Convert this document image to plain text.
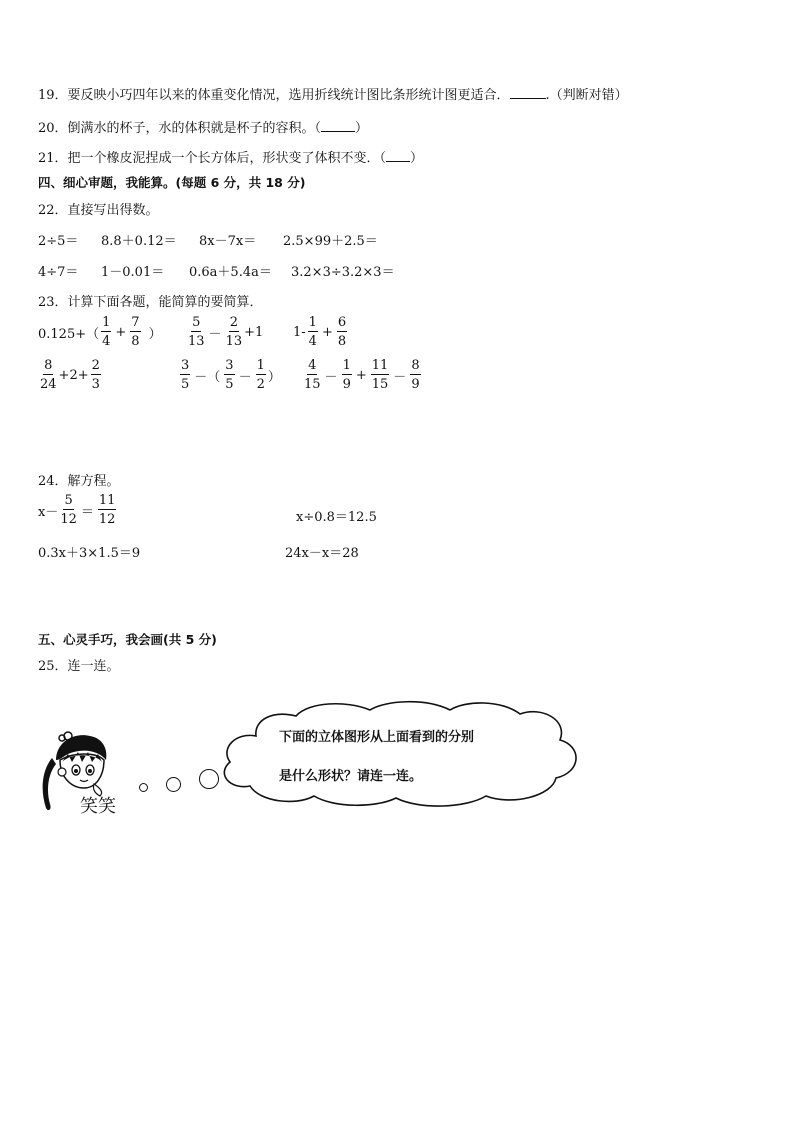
19．要反映小巧四年以来的体重变化情况，选用折线统计图比条形统计图更适合．	.（判断对错）
20．倒满水的杯子，水的体积就是杯子的容积。（	）
21．把一个橡皮泥捏成一个长方体后，形状变了体积不变．（ ）
四、细心审题，我能算。(每题 6 分，共 18 分)
22．直接写出得数。
2÷5＝ 8.8＋0.12＝ 8x－7x＝ 2.5×99＋2.5＝
4÷7＝ 1－0.01＝ 0.6a＋5.4a＝ 3.2×3÷3.2×3＝
23．计算下面各题，能简算的要简算．
$0.125+( \frac{1}{4} + \frac{7}{8}$ ） $\frac{5}{13} - \frac{2}{13} +1$ $1- \frac{1}{4} + \frac{6}{8}$
$\frac{8}{24} +2+ \frac{2}{3}$	$\frac{3}{5}$ －（ $\frac{3}{5} - \frac{1}{2}$ ） $\frac{4}{15} - \frac{1}{9} + \frac{11}{15} - \frac{8}{9}$
24．解方程。
$x- \frac{5}{12} = \frac{11}{12}$	x÷0.8＝12.5
0.3x＋3×1.5＝9	24x－x＝28
五、心灵手巧，我会画(共 5 分)
25．连一连。
笑笑
下面的立体图形从上面看到的分别
是什么形状？请连一连。
